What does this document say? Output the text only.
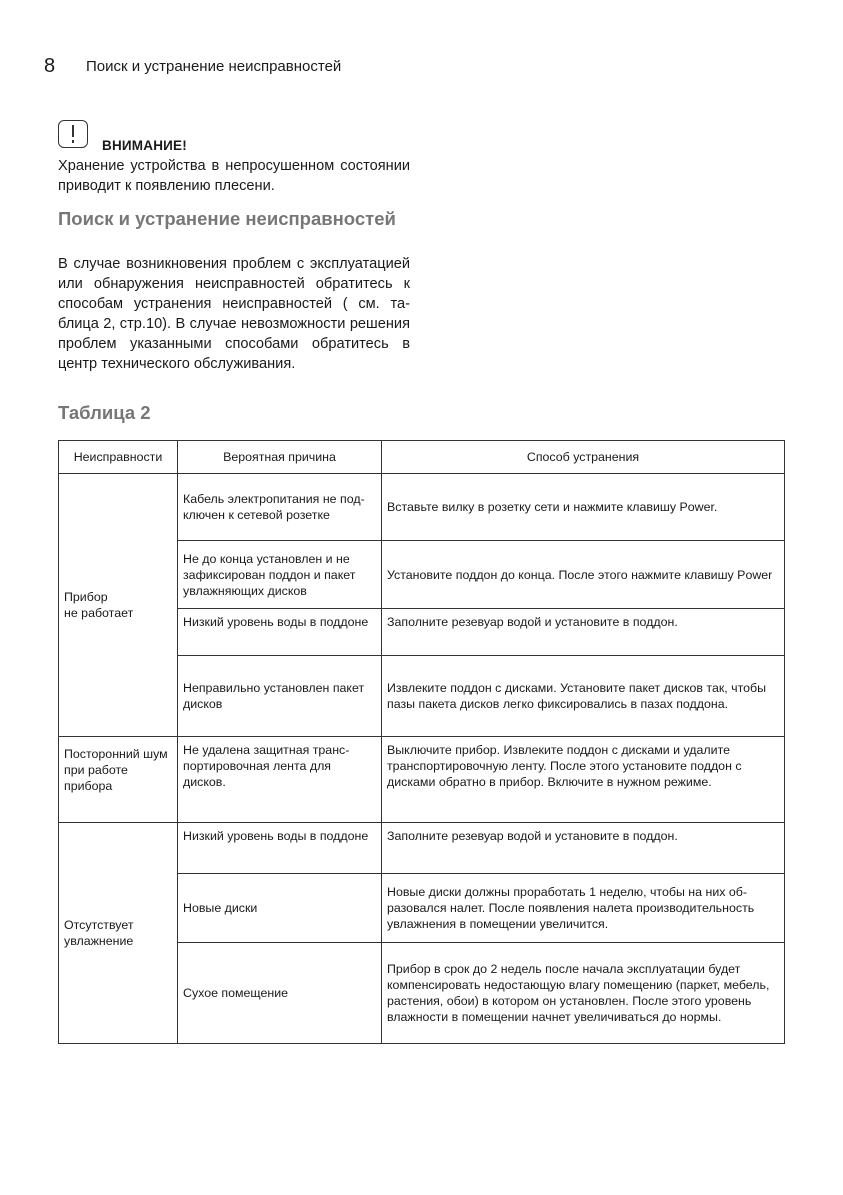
8 Поиск и устранение неисправностей
ВНИМАНИЕ!
Хранение устройства в непросушенном состоянии приводит к появлению плесени.
Поиск и устранение неисправностей
В случае возникновения проблем с эксплуатацией или обнаружения неисправностей обратитесь к способам устранения неисправностей ( см. таблица 2, стр.10). В случае невозможности решения проблем указанными способами обратитесь в центр технического обслуживания.
Таблица 2
Неисправности	Вероятная причина	Способ устранения
Прибор
не работает	Кабель электропитания не подключен к сетевой розетке	Вставьте вилку в розетку сети и нажмите клавишу Power.
	Не до конца установлен и не зафиксирован поддон и пакет увлажняющих дисков	Установите поддон до конца. После этого нажмите клавишу Power
	Низкий уровень воды в поддоне	Заполните резевуар водой и установите в поддон.
	Неправильно установлен пакет дисков	Извлеките поддон с дисками. Установите пакет дисков так, чтобы пазы пакета дисков легко фиксировались в пазах поддона.
Посторонний шум при работе прибора	Не удалена защитная транспортировочная лента для дисков.	Выключите прибор. Извлеките поддон с дисками и удалите транспортировочную ленту. После этого установите поддон с дисками обратно в прибор. Включите в нужном режиме.
Отсутствует увлажнение	Низкий уровень воды в поддоне	Заполните резевуар водой и установите в поддон.
	Новые диски	Новые диски должны проработать 1 неделю, чтобы на них образовался налет. После появления налета производительность увлажнения в помещении увеличится.
	Сухое помещение	Прибор в срок до 2 недель после начала эксплуатации будет компенсировать недостающую влагу помещению (паркет, мебель, растения, обои) в котором он установлен. После этого уровень влажности в помещении начнет увеличиваться до нормы.
